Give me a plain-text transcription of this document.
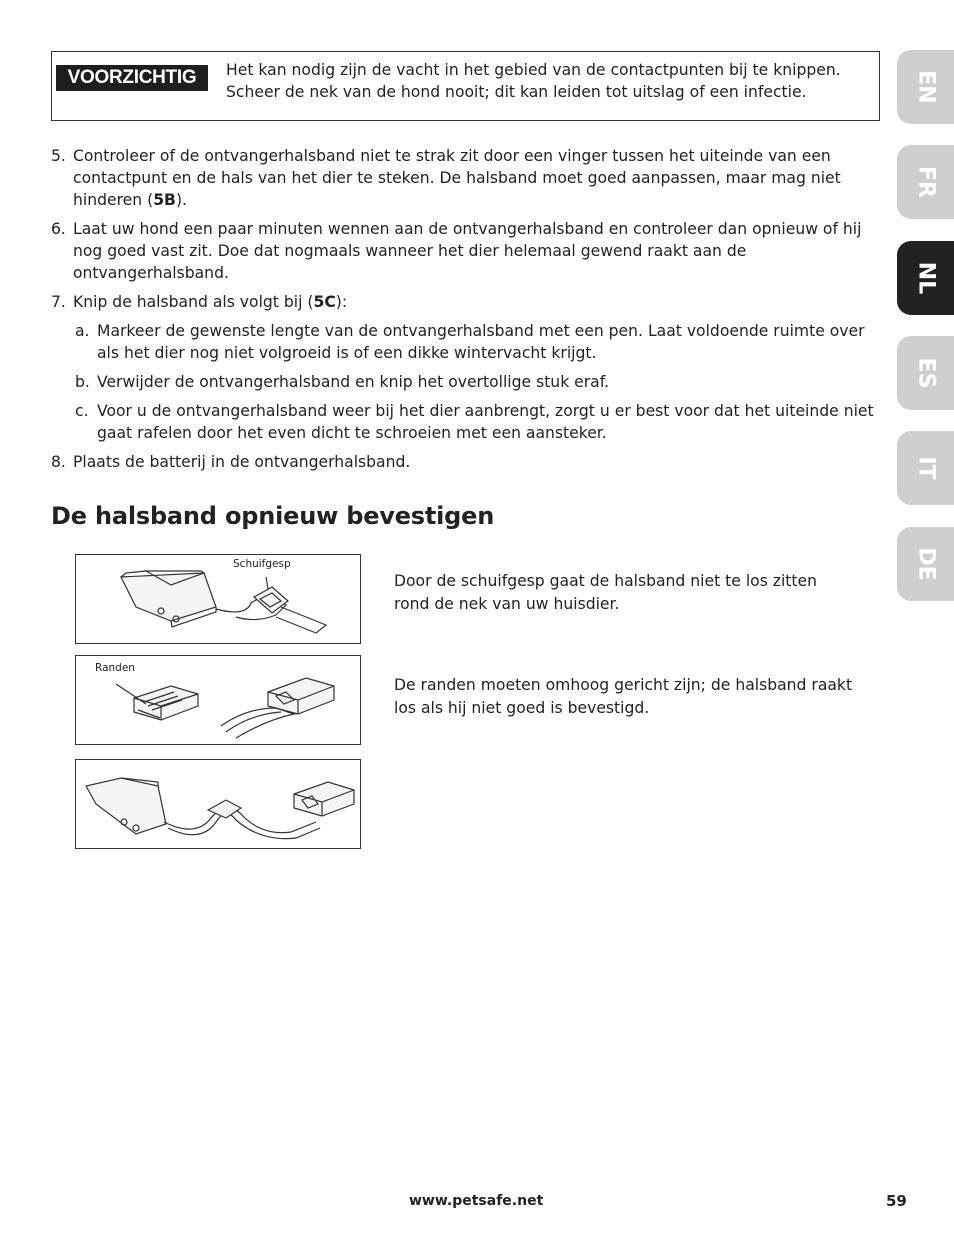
VOORZICHTIG	Het kan nodig zijn de vacht in het gebied van de contactpunten bij te knippen.
Scheer de nek van de hond nooit; dit kan leiden tot uitslag of een infectie.
5. Controleer of de ontvangerhalsband niet te strak zit door een vinger tussen het uiteinde van een contactpunt en de hals van het dier te steken. De halsband moet goed aanpassen, maar mag niet hinderen (5B).
6. Laat uw hond een paar minuten wennen aan de ontvangerhalsband en controleer dan opnieuw of hij nog goed vast zit. Doe dat nogmaals wanneer het dier helemaal gewend raakt aan de ontvangerhalsband.
7. Knip de halsband als volgt bij (5C):
a. Markeer de gewenste lengte van de ontvangerhalsband met een pen. Laat voldoende ruimte over als het dier nog niet volgroeid is of een dikke wintervacht krijgt.
b. Verwijder de ontvangerhalsband en knip het overtollige stuk eraf.
c. Voor u de ontvangerhalsband weer bij het dier aanbrengt, zorgt u er best voor dat het uiteinde niet gaat rafelen door het even dicht te schroeien met een aansteker.
8. Plaats de batterij in de ontvangerhalsband.
De halsband opnieuw bevestigen
Schuifgesp
Randen
Door de schuifgesp gaat de halsband niet te los zitten rond de nek van uw huisdier.
De randen moeten omhoog gericht zijn; de halsband raakt los als hij niet goed is bevestigd.
EN
FR
NL
ES
IT
DE
www.petsafe.net	59
